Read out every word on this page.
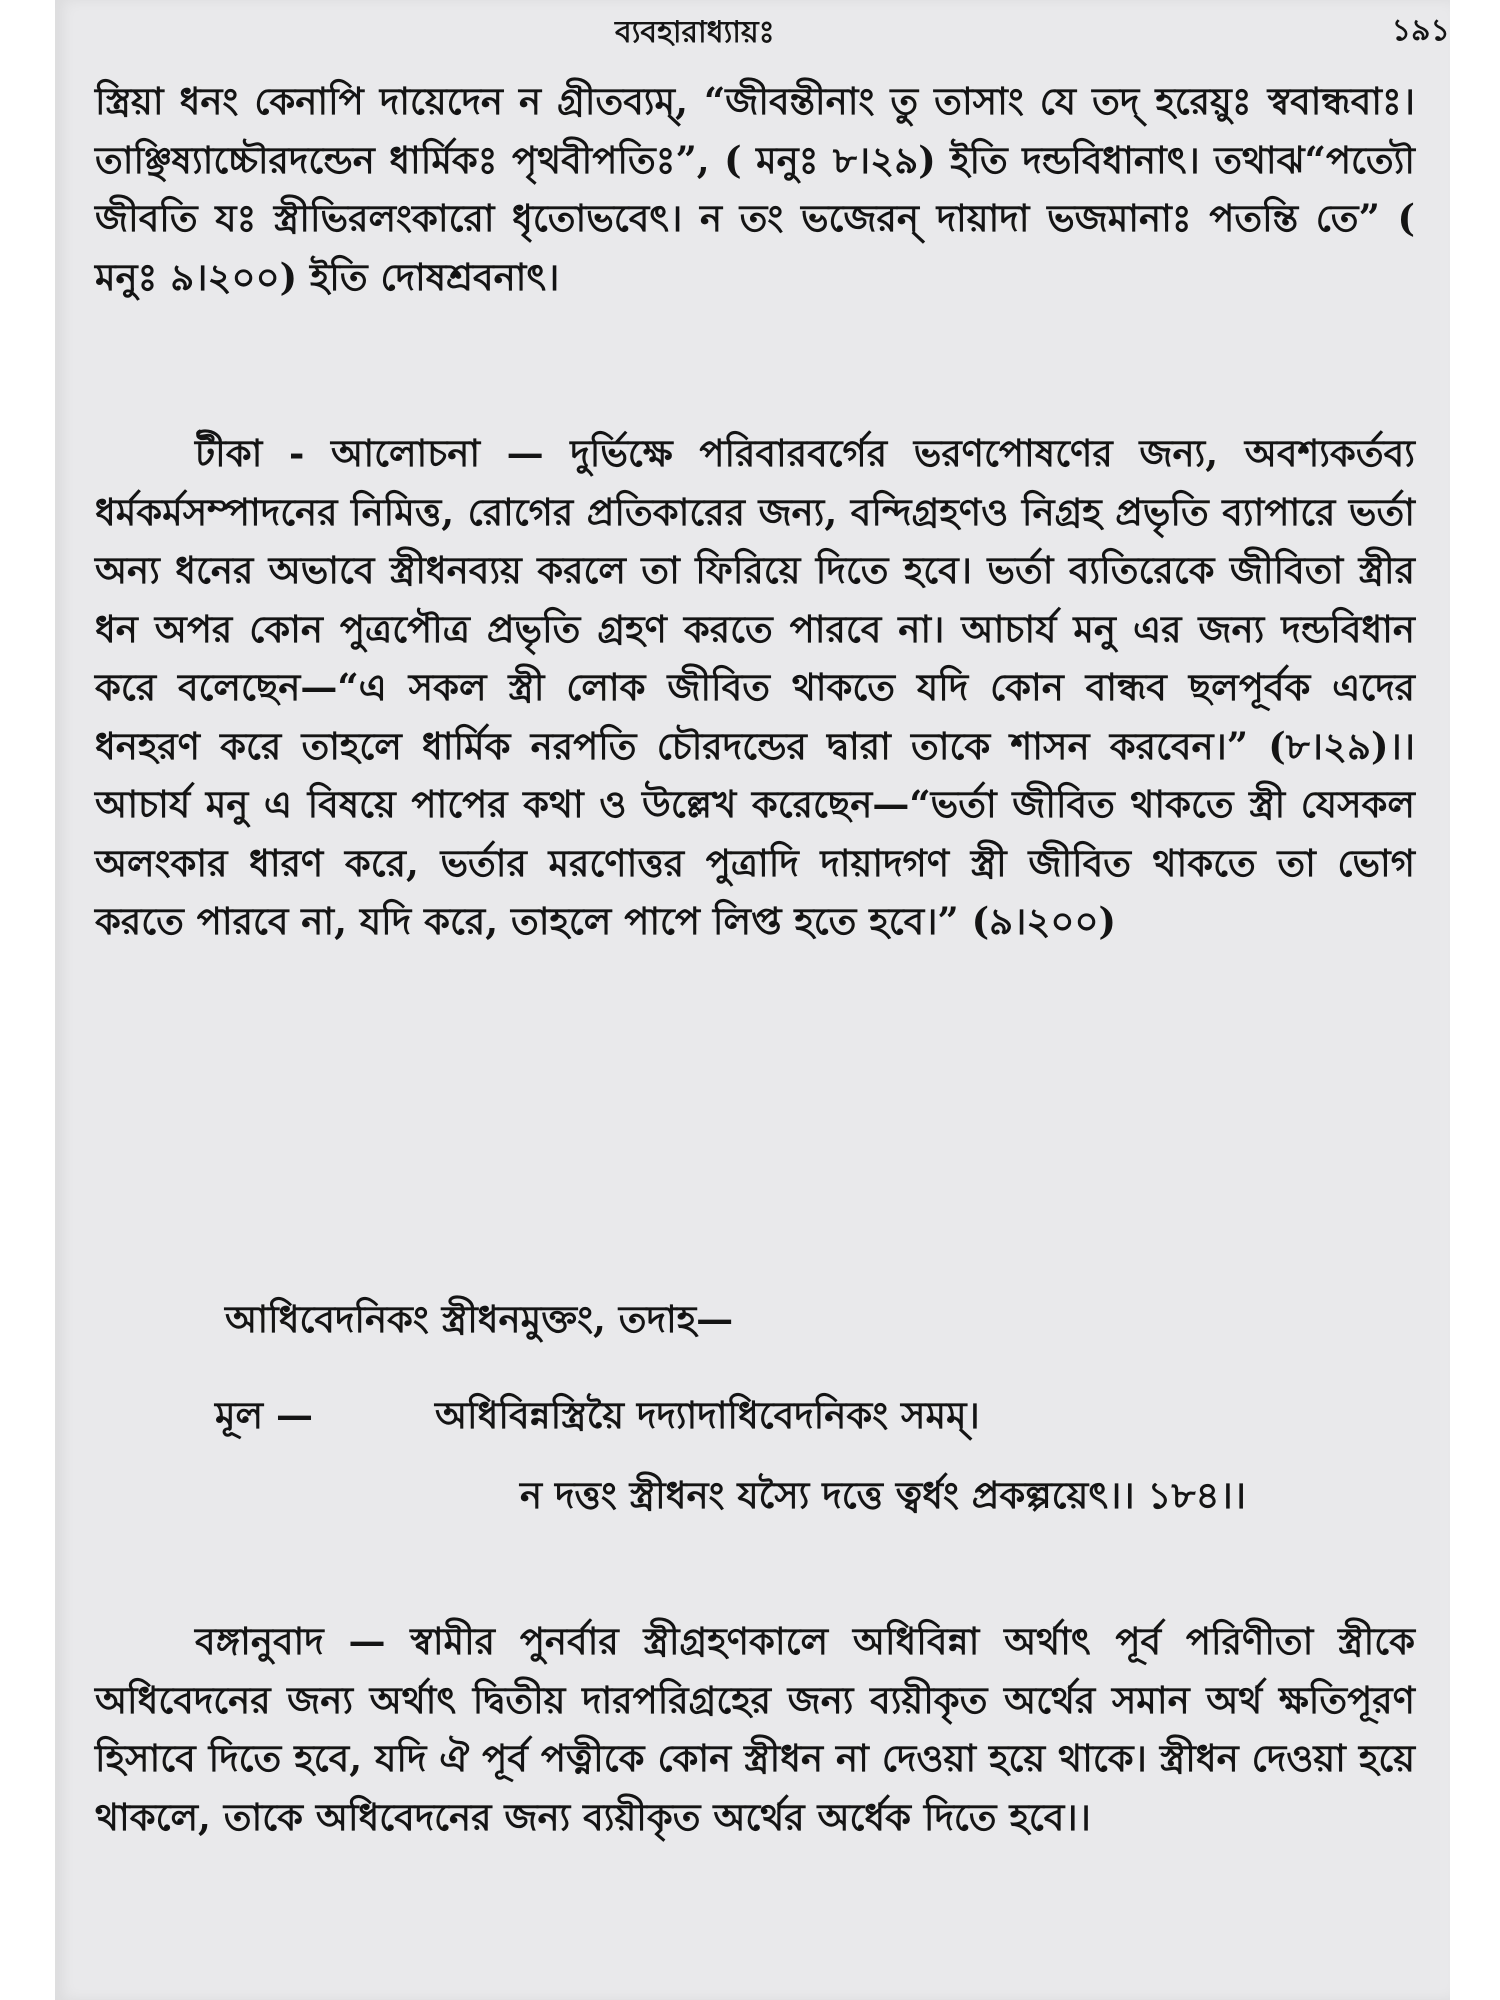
ব্যবহারাধ্যায়ঃ	১৯১

স্ত্রিয়া ধনং কেনাপি দায়েদেন ন গ্রীতব্যম্, “জীবন্তীনাং তু তাসাং যে তদ্ হরেয়ুঃ স্ববান্ধবাঃ। তাঞ্ছিষ্যাচ্চৌরদন্ডেন ধার্মিকঃ পৃথবীপতিঃ”, ( মনুঃ ৮।২৯) ইতি দন্ডবিধানাৎ। তথাঝ“পত্যৌ জীবতি যঃ স্ত্রীভিরলংকারো ধৃতোভবেৎ। ন তং ভজেরন্ দায়াদা ভজমানাঃ পতন্তি তে” ( মনুঃ ৯।২০০) ইতি দোষশ্রবনাৎ।

টীকা - আলোচনা — দুর্ভিক্ষে পরিবারবর্গের ভরণপোষণের জন্য, অবশ্যকর্তব্য ধর্মকর্মসম্পাদনের নিমিত্ত, রোগের প্রতিকারের জন্য, বন্দিগ্রহণও নিগ্রহ প্রভৃতি ব্যাপারে ভর্তা অন্য ধনের অভাবে স্ত্রীধনব্যয় করলে তা ফিরিয়ে দিতে হবে। ভর্তা ব্যতিরেকে জীবিতা স্ত্রীর ধন অপর কোন পুত্রপৌত্র প্রভৃতি গ্রহণ করতে পারবে না। আচার্য মনু এর জন্য দন্ডবিধান করে বলেছেন—“এ সকল স্ত্রী লোক জীবিত থাকতে যদি কোন বান্ধব ছলপূর্বক এদের ধনহরণ করে তাহলে ধার্মিক নরপতি চৌরদন্ডের দ্বারা তাকে শাসন করবেন।” (৮।২৯)।। আচার্য মনু এ বিষয়ে পাপের কথা ও উল্লেখ করেছেন—“ভর্তা জীবিত থাকতে স্ত্রী যেসকল অলংকার ধারণ করে, ভর্তার মরণোত্তর পুত্রাদি দায়াদগণ স্ত্রী জীবিত থাকতে তা ভোগ করতে পারবে না, যদি করে, তাহলে পাপে লিপ্ত হতে হবে।” (৯।২০০)

আধিবেদনিকং স্ত্রীধনমুক্তং, তদাহ—

মূল —	অধিবিন্নস্ত্রিয়ৈ দদ্যাদাধিবেদনিকং সমম্।
ন দত্তং স্ত্রীধনং যস্যৈ দত্তে ত্বর্ধং প্রকল্পয়েৎ।। ১৮৪।।

বঙ্গানুবাদ — স্বামীর পুনর্বার স্ত্রীগ্রহণকালে অধিবিন্না অর্থাৎ পূর্ব পরিণীতা স্ত্রীকে অধিবেদনের জন্য অর্থাৎ দ্বিতীয় দারপরিগ্রহের জন্য ব্যয়ীকৃত অর্থের সমান অর্থ ক্ষতিপূরণ হিসাবে দিতে হবে, যদি ঐ পূর্ব পত্নীকে কোন স্ত্রীধন না দেওয়া হয়ে থাকে। স্ত্রীধন দেওয়া হয়ে থাকলে, তাকে অধিবেদনের জন্য ব্যয়ীকৃত অর্থের অর্ধেক দিতে হবে।।
